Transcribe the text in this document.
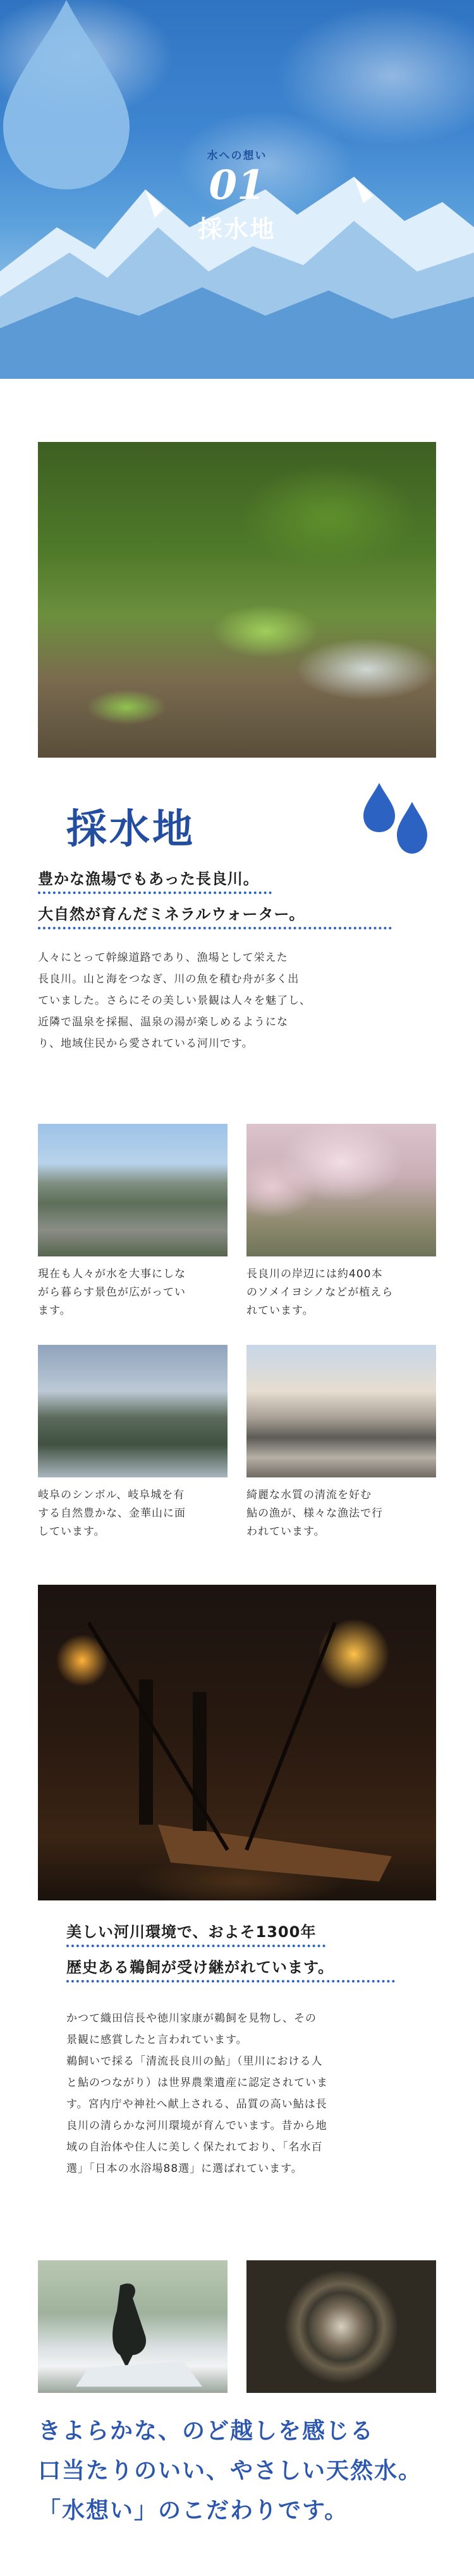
水への想い
01
採水地
採水地
豊かな漁場でもあった長良川。
大自然が育んだミネラルウォーター。
人々にとって幹線道路であり、漁場として栄えた
長良川。山と海をつなぎ、川の魚を積む舟が多く出
ていました。さらにその美しい景観は人々を魅了し、
近隣で温泉を採掘、温泉の湯が楽しめるようにな
り、地域住民から愛されている河川です。
現在も人々が水を大事にしな
がら暮らす景色が広がってい
ます。
長良川の岸辺には約400本
のソメイヨシノなどが植えら
れています。
岐阜のシンボル、岐阜城を有
する自然豊かな、金華山に面
しています。
綺麗な水質の清流を好む
鮎の漁が、様々な漁法で行
われています。
美しい河川環境で、およそ1300年
歴史ある鵜飼が受け継がれています。
かつて織田信長や徳川家康が鵜飼を見物し、その
景観に感賞したと言われています。
鵜飼いで採る「清流長良川の鮎」（里川における人
と鮎のつながり）は世界農業遺産に認定されていま
す。宮内庁や神社へ献上される、品質の高い鮎は長
良川の清らかな河川環境が育んでいます。昔から地
域の自治体や住人に美しく保たれており、「名水百
選」「日本の水浴場88選」に選ばれています。
きよらかな、のど越しを感じる
口当たりのいい、やさしい天然水。
「水想い」のこだわりです。
